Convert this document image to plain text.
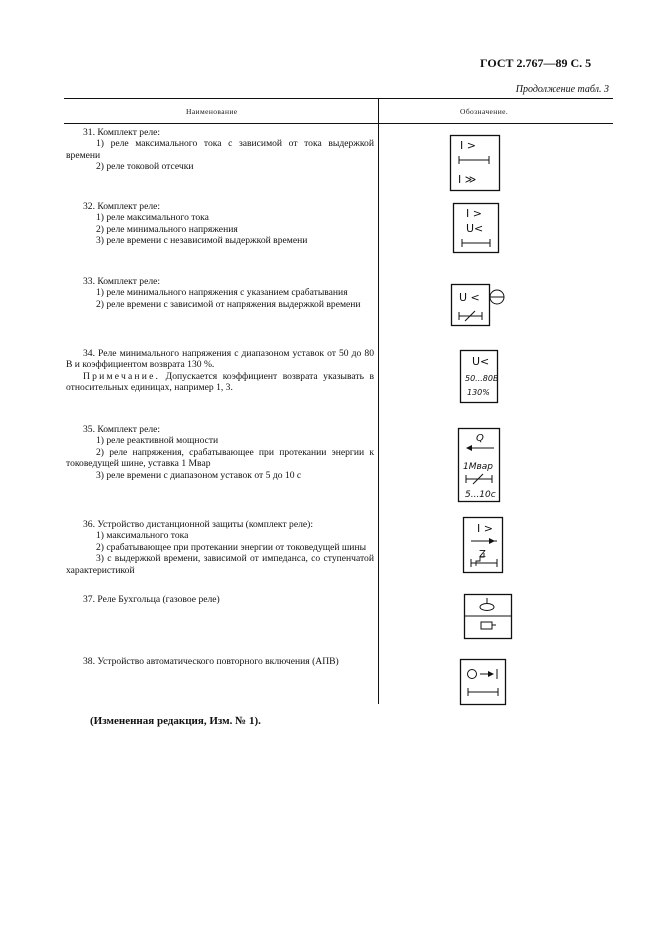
ГОСТ 2.767—89 С. 5
Продолжение табл. 3
Наименование	Обозначение.
31. Комплект реле:
1) реле максимального тока с зависимой от тока выдержкой времени
2) реле токовой отсечки
I >
I ≫
32. Комплект реле:
1) реле максимального тока
2) реле минимального напряжения
3) реле времени с независимой выдержкой времени
I >
U<
33. Комплект реле:
1) реле минимального напряжения с указанием срабатывания
2) реле времени с зависимой от напряжения выдержкой времени
U <
34. Реле минимального напряжения с диапазоном уставок от 50 до 80 В и коэффициентом возврата 130 %.
Примечание. Допускается коэффициент возврата указывать в относительных единицах, например 1, 3.
U<
50...80В
130%
35. Комплект реле:
1) реле реактивной мощности
2) реле напряжения, срабатывающее при протекании энергии к токоведущей шине, уставка 1 Мвар
3) реле времени с диапазоном уставок от 5 до 10 с
Q
1Мвар
5...10с
36. Устройство дистанционной защиты (комплект реле):
1) максимального тока
2) срабатывающее при протекании энергии от токоведущей шины
3) с выдержкой времени, зависимой от импеданса, со ступенчатой характеристикой
I >
Z
37. Реле Бухгольца (газовое реле)
38. Устройство автоматического повторного включения (АПВ)
(Измененная редакция, Изм. № 1).
